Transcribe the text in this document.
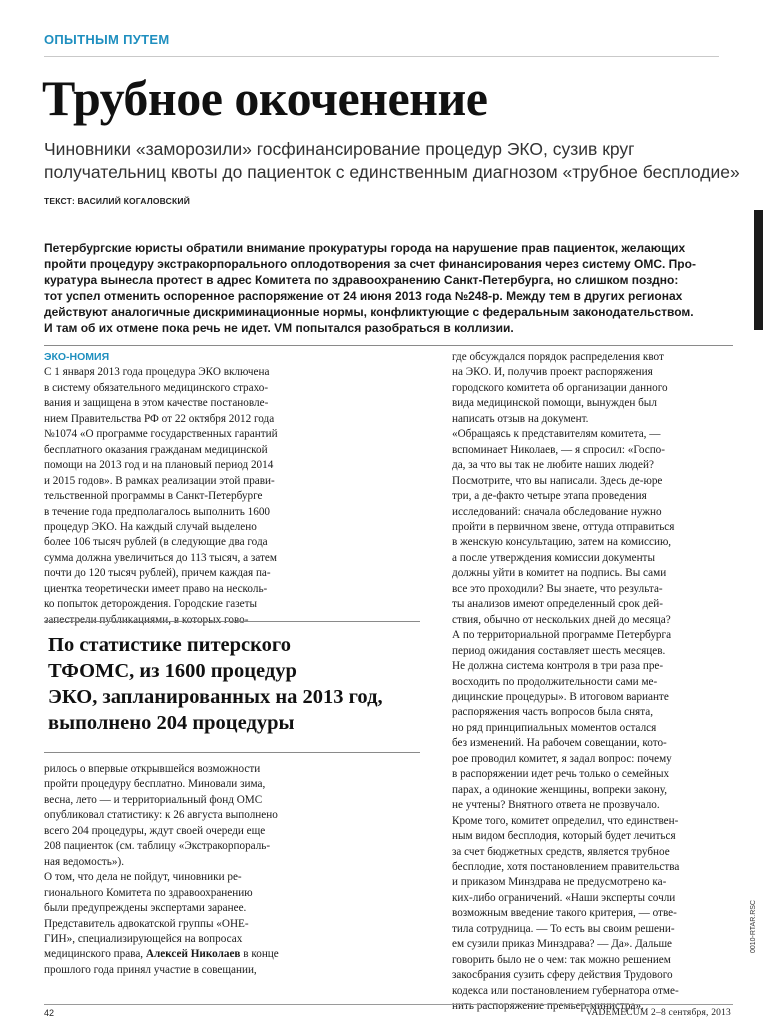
ОПЫТНЫМ ПУТЕМ
Трубное окоченение
Чиновники «заморозили» госфинансирование процедур ЭКО, сузив круг
получательниц квоты до пациенток с единственным диагнозом «трубное бесплодие»
ТЕКСТ: ВАСИЛИЙ КОГАЛОВСКИЙ
Петербургские юристы обратили внимание прокуратуры города на нарушение прав пациенток, желающих
пройти процедуру экстракорпорального оплодотворения за счет финансирования через систему ОМС. Про-
куратура вынесла протест в адрес Комитета по здравоохранению Санкт-Петербурга, но слишком поздно:
тот успел отменить оспоренное распоряжение от 24 июня 2013 года №248-р. Между тем в других регионах
действуют аналогичные дискриминационные нормы, конфликтующие с федеральным законодательством.
И там об их отмене пока речь не идет. VM попытался разобраться в коллизии.
ЭКО-НОМИЯ
С 1 января 2013 года процедура ЭКО включена
в систему обязательного медицинского страхо-
вания и защищена в этом качестве постановле-
нием Правительства РФ от 22 октября 2012 года
№1074 «О программе государственных гарантий
бесплатного оказания гражданам медицинской
помощи на 2013 год и на плановый период 2014
и 2015 годов». В рамках реализации этой прави-
тельственной программы в Санкт-Петербурге
в течение года предполагалось выполнить 1600
процедур ЭКО. На каждый случай выделено
более 106 тысяч рублей (в следующие два года
сумма должна увеличиться до 113 тысяч, а затем
почти до 120 тысяч рублей), причем каждая па-
циентка теоретически имеет право на несколь-
ко попыток деторождения. Городские газеты
запестрели публикациями, в которых гово-
По статистике питерского
ТФОМС, из 1600 процедур
ЭКО, запланированных на 2013 год,
выполнено 204 процедуры
рилось о впервые открывшейся возможности
пройти процедуру бесплатно. Миновали зима,
весна, лето — и территориальный фонд ОМС
опубликовал статистику: к 26 августа выполнено
всего 204 процедуры, ждут своей очереди еще
208 пациенток (см. таблицу «Экстракорпораль-
ная ведомость»).
О том, что дела не пойдут, чиновники ре-
гионального Комитета по здравоохранению
были предупреждены экспертами заранее.
Представитель адвокатской группы «ОНЕ-
ГИН», специализирующейся на вопросах
медицинского права, Алексей Николаев в конце
прошлого года принял участие в совещании,
где обсуждался порядок распределения квот
на ЭКО. И, получив проект распоряжения
городского комитета об организации данного
вида медицинской помощи, вынужден был
написать отзыв на документ.
«Обращаясь к представителям комитета, —
вспоминает Николаев, — я спросил: «Госпо-
да, за что вы так не любите наших людей?
Посмотрите, что вы написали. Здесь де-юре
три, а де-факто четыре этапа проведения
исследований: сначала обследование нужно
пройти в первичном звене, оттуда отправиться
в женскую консультацию, затем на комиссию,
а после утверждения комиссии документы
должны уйти в комитет на подпись. Вы сами
все это проходили? Вы знаете, что результа-
ты анализов имеют определенный срок дей-
ствия, обычно от нескольких дней до месяца?
А по территориальной программе Петербурга
период ожидания составляет шесть месяцев.
Не должна система контроля в три раза пре-
восходить по продолжительности сами ме-
дицинские процедуры». В итоговом варианте
распоряжения часть вопросов была снята,
но ряд принципиальных моментов остался
без изменений. На рабочем совещании, кото-
рое проводил комитет, я задал вопрос: почему
в распоряжении идет речь только о семейных
парах, а одинокие женщины, вопреки закону,
не учтены? Внятного ответа не прозвучало.
Кроме того, комитет определил, что единствен-
ным видом бесплодия, который будет лечиться
за счет бюджетных средств, является трубное
бесплодие, хотя постановлением правительства
и приказом Минздрава не предусмотрено ка-
ких-либо ограничений. «Наши эксперты сочли
возможным введение такого критерия, — отве-
тила сотрудница. — То есть вы своим решени-
ем сузили приказ Минздрава? — Да». Дальше
говорить было не о чем: так можно решением
закосбрания сузить сферу действия Трудового
кодекса или постановлением губернатора отме-
нить распоряжение премьер-министра».
0010-RTAR.RSC
42	VADEMECUM 2–8 сентября, 2013
